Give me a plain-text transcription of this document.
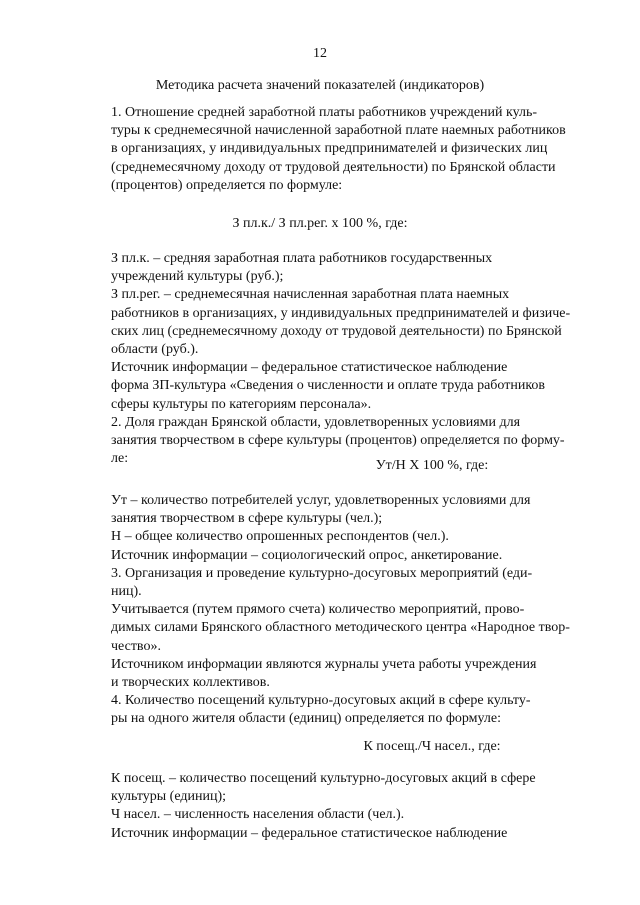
12
Методика расчета значений показателей (индикаторов)
1. Отношение средней заработной платы работников учреждений куль-
туры к среднемесячной начисленной заработной плате наемных работников
в организациях, у индивидуальных предпринимателей и физических лиц
(среднемесячному доходу от трудовой деятельности) по Брянской области
(процентов) определяется по формуле:
З пл.к./ З пл.рег. х 100 %, где:
З пл.к. – средняя заработная плата работников государственных
учреждений культуры (руб.);
З пл.рег. – среднемесячная начисленная заработная плата наемных
работников в организациях, у индивидуальных предпринимателей и физиче-
ских лиц (среднемесячному доходу от трудовой деятельности) по Брянской
области (руб.).
Источник информации – федеральное статистическое наблюдение
форма ЗП-культура «Сведения о численности и оплате труда работников
сферы культуры по категориям персонала».
2. Доля граждан Брянской области, удовлетворенных условиями для
занятия творчеством в сфере культуры (процентов) определяется по форму-
ле:	Ут/Н Х 100 %, где:
Ут – количество потребителей услуг, удовлетворенных условиями для
занятия творчеством в сфере культуры (чел.);
Н – общее количество опрошенных респондентов (чел.).
Источник информации – социологический опрос, анкетирование.
3. Организация и проведение культурно-досуговых мероприятий (еди-
ниц).
Учитывается (путем прямого счета) количество мероприятий, прово-
димых силами Брянского областного методического центра «Народное твор-
чество».
Источником информации являются журналы учета работы учреждения
и творческих коллективов.
4. Количество посещений культурно-досуговых акций в сфере культу-
ры на одного жителя области (единиц) определяется по формуле:
К посещ./Ч насел., где:
К посещ. – количество посещений культурно-досуговых акций в сфере
культуры (единиц);
Ч насел. – численность населения области (чел.).
Источник информации – федеральное статистическое наблюдение
